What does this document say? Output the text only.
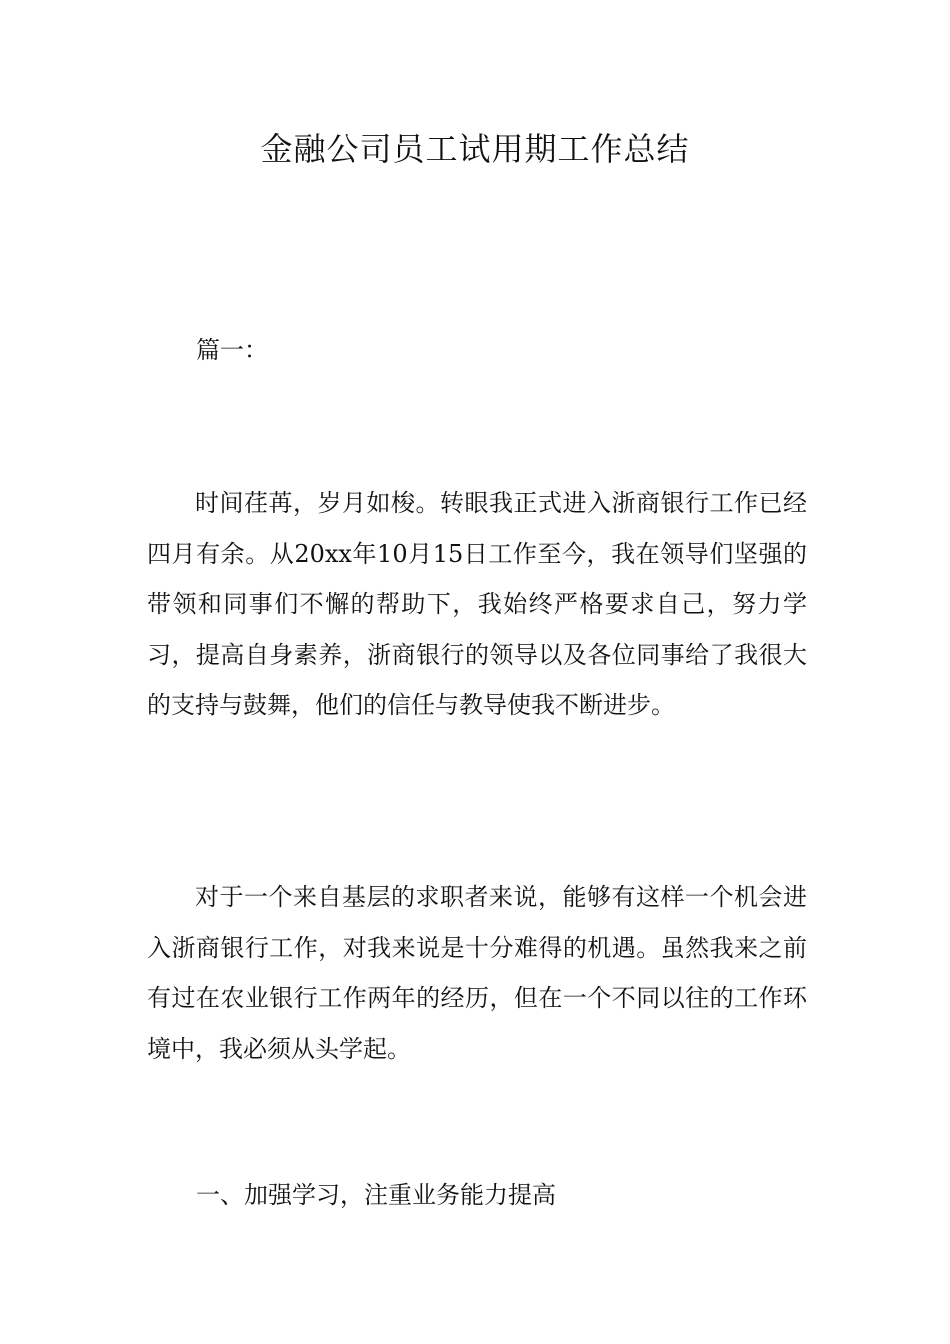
金融公司员工试用期工作总结

篇一：

时间荏苒，岁月如梭。转眼我正式进入浙商银行工作已经四月有余。从20xx年10月15日工作至今，我在领导们坚强的带领和同事们不懈的帮助下，我始终严格要求自己，努力学习，提高自身素养，浙商银行的领导以及各位同事给了我很大的支持与鼓舞，他们的信任与教导使我不断进步。

对于一个来自基层的求职者来说，能够有这样一个机会进入浙商银行工作，对我来说是十分难得的机遇。虽然我来之前有过在农业银行工作两年的经历，但在一个不同以往的工作环境中，我必须从头学起。

一、加强学习，注重业务能力提高
